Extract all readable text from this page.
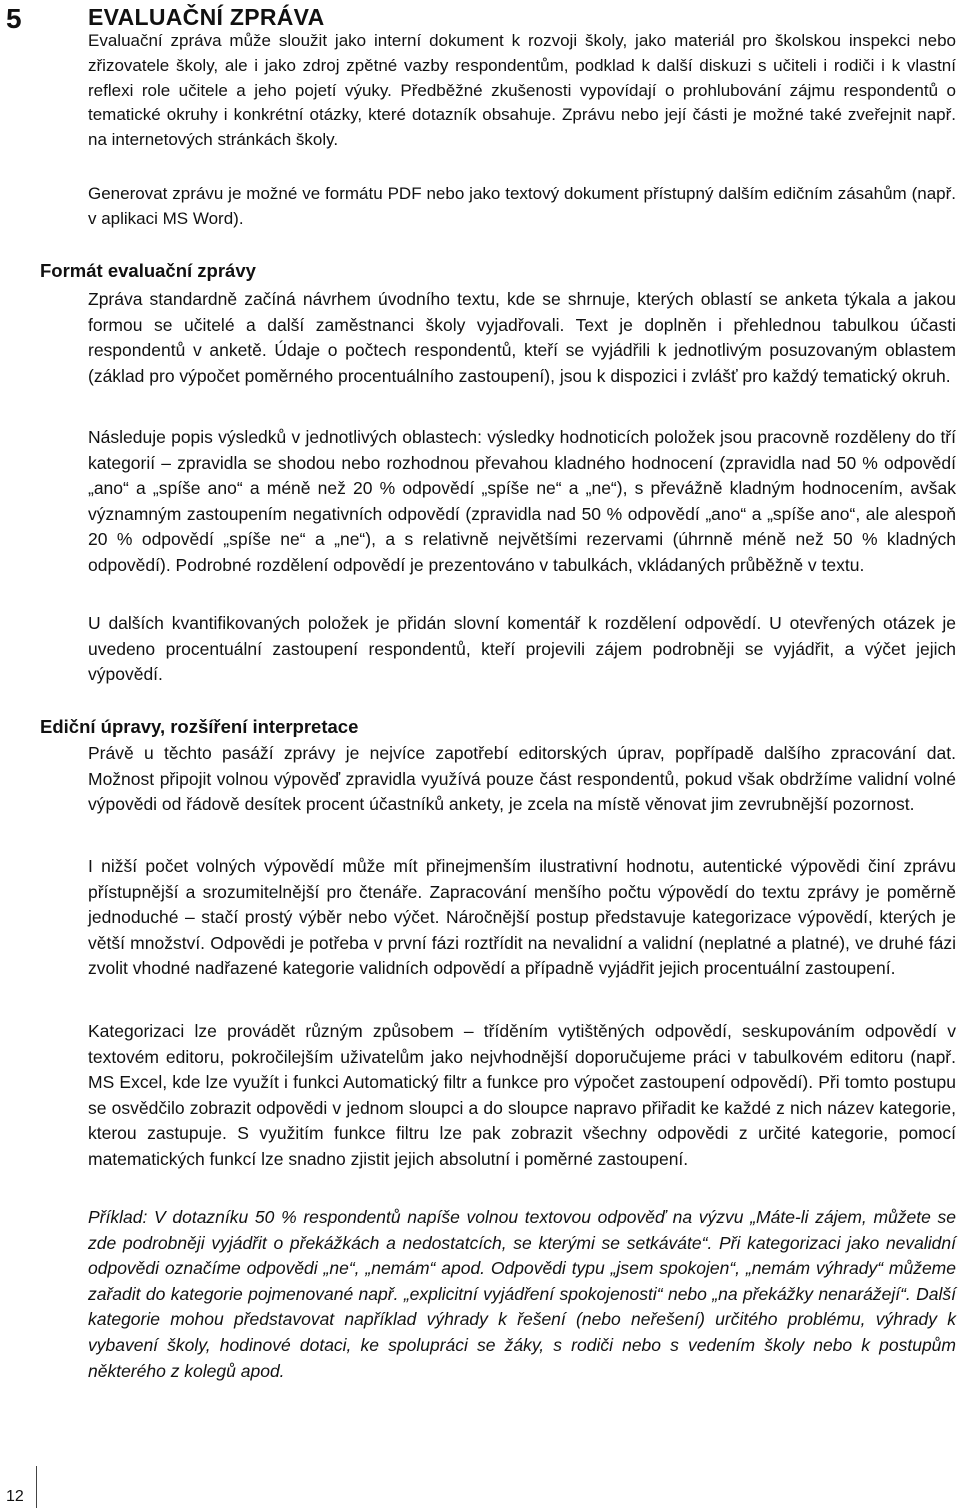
5	EVALUAČNÍ ZPRÁVA

Evaluační zpráva může sloužit jako interní dokument k rozvoji školy, jako materiál pro školskou inspekci nebo zřizovatele školy, ale i jako zdroj zpětné vazby respondentům, podklad k další diskuzi s učiteli i rodiči i k vlastní reflexi role učitele a jeho pojetí výuky. Předběžné zkušenosti vypovídají o prohlubování zájmu respondentů o tematické okruhy i konkrétní otázky, které dotazník obsahuje. Zprávu nebo její části je možné také zveřejnit např. na internetových stránkách školy.

Generovat zprávu je možné ve formátu PDF nebo jako textový dokument přístupný dalším edičním zásahům (např. v aplikaci MS Word).

Formát evaluační zprávy

Zpráva standardně začíná návrhem úvodního textu, kde se shrnuje, kterých oblastí se anketa týkala a jakou formou se učitelé a další zaměstnanci školy vyjadřovali. Text je doplněn i přehlednou tabulkou účasti respondentů v anketě. Údaje o počtech respondentů, kteří se vyjádřili k jednotlivým posuzovaným oblastem (základ pro výpočet poměrného procentuálního zastoupení), jsou k dispozici i zvlášť pro každý tematický okruh.

Následuje popis výsledků v jednotlivých oblastech: výsledky hodnoticích položek jsou pracovně rozděleny do tří kategorií – zpravidla se shodou nebo rozhodnou převahou kladného hodnocení (zpravidla nad 50 % odpovědí „ano“ a „spíše ano“ a méně než 20 % odpovědí „spíše ne“ a „ne“), s převážně kladným hodnocením, avšak významným zastoupením negativních odpovědí (zpravidla nad 50 % odpovědí „ano“ a „spíše ano“, ale alespoň 20 % odpovědí „spíše ne“ a „ne“), a s relativně největšími rezervami (úhrnně méně než 50 % kladných odpovědí). Podrobné rozdělení odpovědí je prezentováno v tabulkách, vkládaných průběžně v textu.

U dalších kvantifikovaných položek je přidán slovní komentář k rozdělení odpovědí. U otevřených otázek je uvedeno procentuální zastoupení respondentů, kteří projevili zájem podrobněji se vyjádřit, a výčet jejich výpovědí.

Ediční úpravy, rozšíření interpretace

Právě u těchto pasáží zprávy je nejvíce zapotřebí editorských úprav, popřípadě dalšího zpracování dat. Možnost připojit volnou výpověď zpravidla využívá pouze část respondentů, pokud však obdržíme validní volné výpovědi od řádově desítek procent účastníků ankety, je zcela na místě věnovat jim zevrubnější pozornost.

I nižší počet volných výpovědí může mít přinejmenším ilustrativní hodnotu, autentické výpovědi činí zprávu přístupnější a srozumitelnější pro čtenáře. Zapracování menšího počtu výpovědí do textu zprávy je poměrně jednoduché – stačí prostý výběr nebo výčet. Náročnější postup představuje kategorizace výpovědí, kterých je větší množství. Odpovědi je potřeba v první fázi roztřídit na nevalidní a validní (neplatné a platné), ve druhé fázi zvolit vhodné nadřazené kategorie validních odpovědí a případně vyjádřit jejich procentuální zastoupení.

Kategorizaci lze provádět různým způsobem – tříděním vytištěných odpovědí, seskupováním odpovědí v textovém editoru, pokročilejším uživatelům jako nejvhodnější doporučujeme práci v tabulkovém editoru (např. MS Excel, kde lze využít i funkci Automatický filtr a funkce pro výpočet zastoupení odpovědí). Při tomto postupu se osvědčilo zobrazit odpovědi v jednom sloupci a do sloupce napravo přiřadit ke každé z nich název kategorie, kterou zastupuje. S využitím funkce filtru lze pak zobrazit všechny odpovědi z určité kategorie, pomocí matematických funkcí lze snadno zjistit jejich absolutní i poměrné zastoupení.

Příklad: V dotazníku 50 % respondentů napíše volnou textovou odpověď na výzvu „Máte-li zájem, můžete se zde podrobněji vyjádřit o překážkách a nedostatcích, se kterými se setkáváte“. Při kategorizaci jako nevalidní odpovědi označíme odpovědi „ne“, „nemám“ apod. Odpovědi typu „jsem spokojen“, „nemám výhrady“ můžeme zařadit do kategorie pojmenované např. „explicitní vyjádření spokojenosti“ nebo „na překážky nenarážejí“. Další kategorie mohou představovat například výhrady k řešení (nebo neřešení) určitého problému, výhrady k vybavení školy, hodinové dotaci, ke spolupráci se žáky, s rodiči nebo s vedením školy nebo k postupům některého z kolegů apod.

12
